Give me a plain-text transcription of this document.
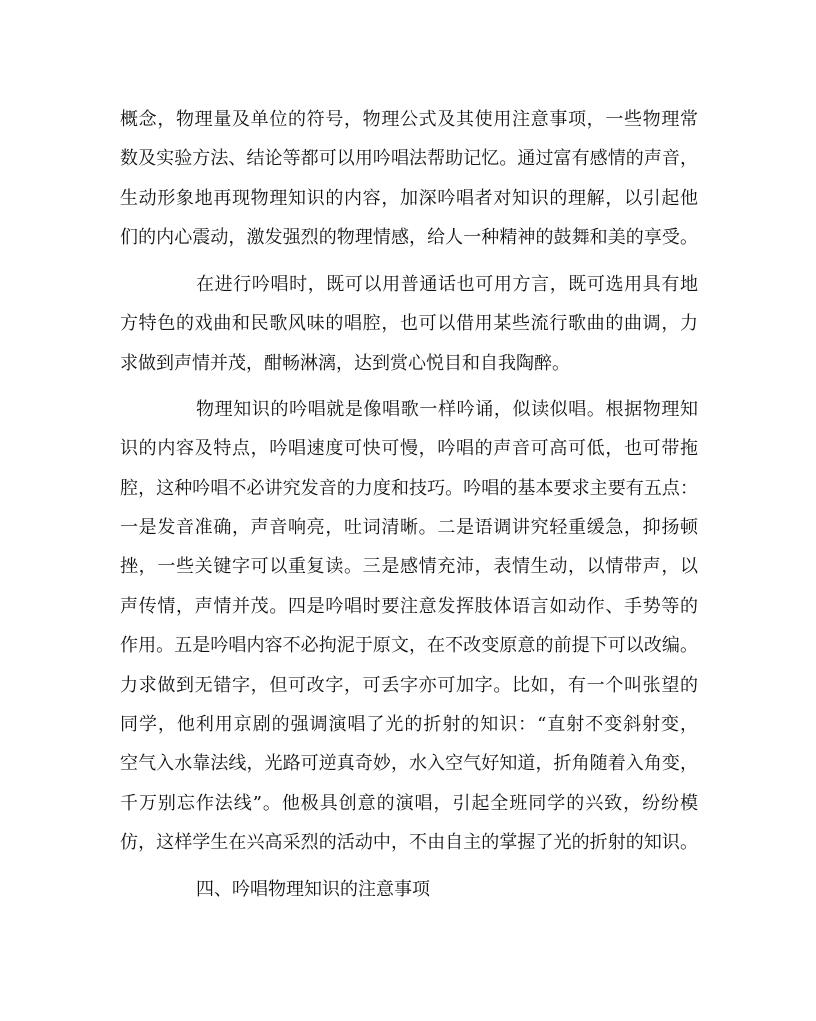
概念，物理量及单位的符号，物理公式及其使用注意事项，一些物理常
数及实验方法、结论等都可以用吟唱法帮助记忆。通过富有感情的声音，
生动形象地再现物理知识的内容，加深吟唱者对知识的理解，以引起他
们的内心震动，激发强烈的物理情感，给人一种精神的鼓舞和美的享受。
在进行吟唱时，既可以用普通话也可用方言，既可选用具有地
方特色的戏曲和民歌风味的唱腔，也可以借用某些流行歌曲的曲调，力
求做到声情并茂，酣畅淋漓，达到赏心悦目和自我陶醉。
物理知识的吟唱就是像唱歌一样吟诵，似读似唱。根据物理知
识的内容及特点，吟唱速度可快可慢，吟唱的声音可高可低，也可带拖
腔，这种吟唱不必讲究发音的力度和技巧。吟唱的基本要求主要有五点：
一是发音准确，声音响亮，吐词清晰。二是语调讲究轻重缓急，抑扬顿
挫，一些关键字可以重复读。三是感情充沛，表情生动，以情带声，以
声传情，声情并茂。四是吟唱时要注意发挥肢体语言如动作、手势等的
作用。五是吟唱内容不必拘泥于原文，在不改变原意的前提下可以改编。
力求做到无错字，但可改字，可丢字亦可加字。比如，有一个叫张望的
同学，他利用京剧的强调演唱了光的折射的知识：“直射不变斜射变，
空气入水靠法线，光路可逆真奇妙，水入空气好知道，折角随着入角变，
千万别忘作法线”。他极具创意的演唱，引起全班同学的兴致，纷纷模
仿，这样学生在兴高采烈的活动中，不由自主的掌握了光的折射的知识。
四、吟唱物理知识的注意事项
